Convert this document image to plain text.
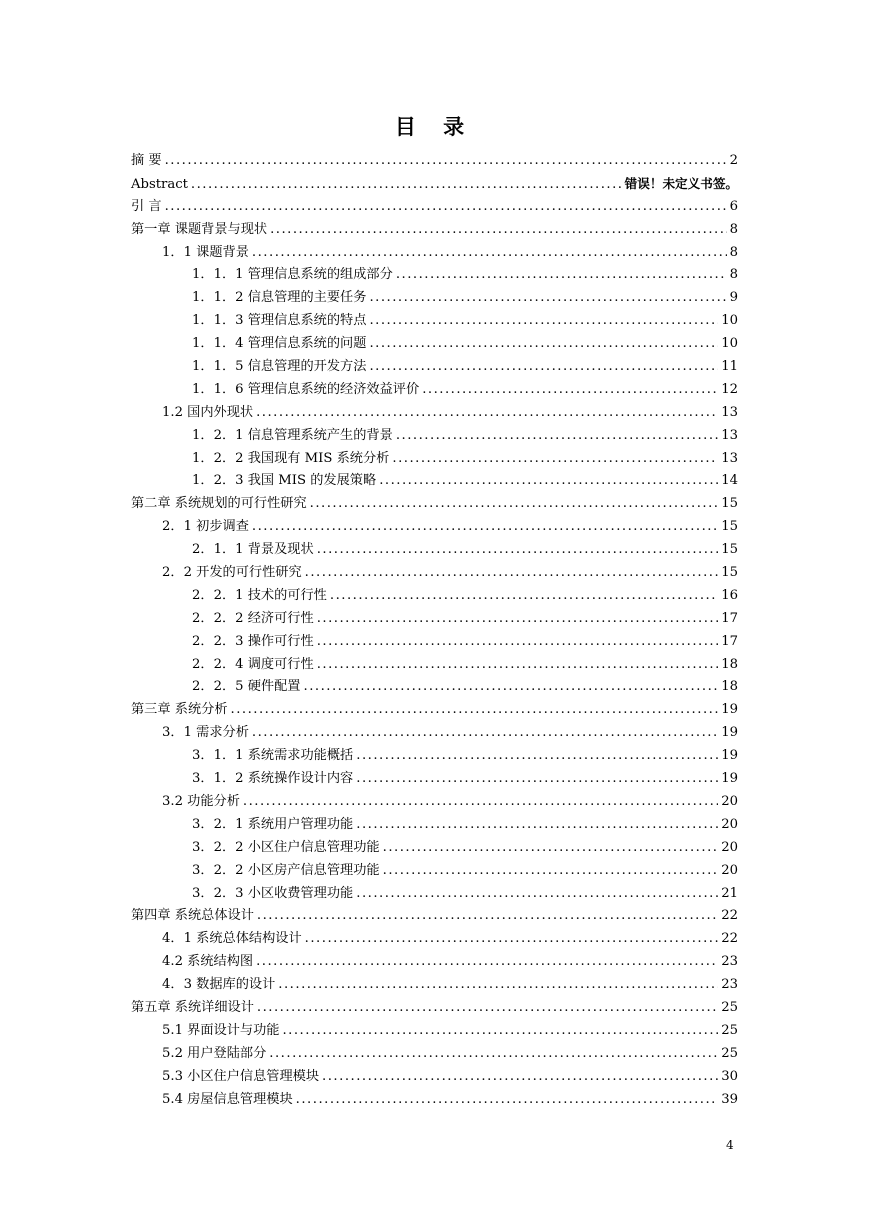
目 录
摘 要 .....	2
Abstract .....	错误！未定义书签。
引 言 .....	6
第一章 课题背景与现状 .....	8
1．1 课题背景 .....	8
1．1．1 管理信息系统的组成部分 .....	8
1．1．2 信息管理的主要任务 .....	9
1．1．3 管理信息系统的特点 .....	10
1．1．4 管理信息系统的问题 .....	10
1．1．5 信息管理的开发方法 .....	11
1．1．6 管理信息系统的经济效益评价 .....	12
1.2 国内外现状 .....	13
1．2．1 信息管理系统产生的背景 .....	13
1．2．2 我国现有 MIS 系统分析 .....	13
1．2．3 我国 MIS 的发展策略 .....	14
第二章 系统规划的可行性研究 .....	15
2．1 初步调查 .....	15
2．1．1 背景及现状 .....	15
2．2 开发的可行性研究 .....	15
2．2．1 技术的可行性 .....	16
2．2．2 经济可行性 .....	17
2．2．3 操作可行性 .....	17
2．2．4 调度可行性 .....	18
2．2．5 硬件配置 .....	18
第三章 系统分析 .....	19
3．1 需求分析 .....	19
3．1．1 系统需求功能概括 .....	19
3．1．2 系统操作设计内容 .....	19
3.2 功能分析 .....	20
3．2．1 系统用户管理功能 .....	20
3．2．2 小区住户信息管理功能 .....	20
3．2．2 小区房产信息管理功能 .....	20
3．2．3 小区收费管理功能 .....	21
第四章 系统总体设计 .....	22
4．1 系统总体结构设计 .....	22
4.2 系统结构图 .....	23
4．3 数据库的设计 .....	23
第五章 系统详细设计 .....	25
5.1 界面设计与功能 .....	25
5.2 用户登陆部分 .....	25
5.3 小区住户信息管理模块 .....	30
5.4 房屋信息管理模块 .....	39
4
